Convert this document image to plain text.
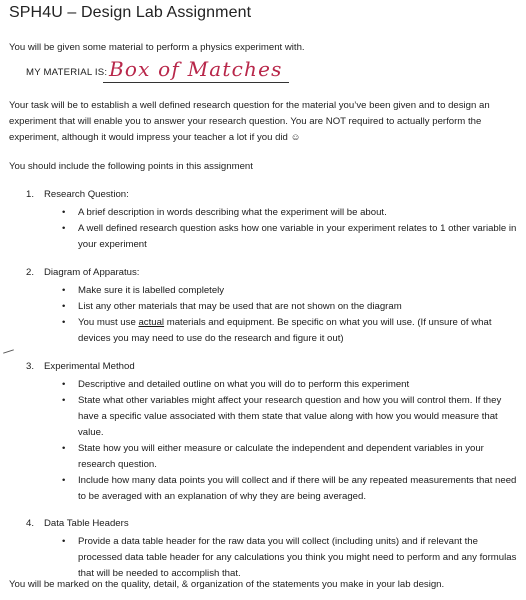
SPH4U – Design Lab Assignment
You will be given some material to perform a physics experiment with.
MY MATERIAL IS: Box of Matches
Your task will be to establish a well defined research question for the material you’ve been given and to design an experiment that will enable you to answer your research question. You are NOT required to actually perform the experiment, although it would impress your teacher a lot if you did ☺
You should include the following points in this assignment
1. Research Question:
• A brief description in words describing what the experiment will be about.
• A well defined research question asks how one variable in your experiment relates to 1 other variable in your experiment
2. Diagram of Apparatus:
• Make sure it is labelled completely
• List any other materials that may be used that are not shown on the diagram
• You must use actual materials and equipment. Be specific on what you will use. (If unsure of what devices you may need to use do the research and figure it out)
3. Experimental Method
• Descriptive and detailed outline on what you will do to perform this experiment
• State what other variables might affect your research question and how you will control them. If they have a specific value associated with them state that value along with how you would measure that value.
• State how you will either measure or calculate the independent and dependent variables in your research question.
• Include how many data points you will collect and if there will be any repeated measurements that need to be averaged with an explanation of why they are being averaged.
4. Data Table Headers
• Provide a data table header for the raw data you will collect (including units) and if relevant the processed data table header for any calculations you think you might need to perform and any formulas that will be needed to accomplish that.
You will be marked on the quality, detail, & organization of the statements you make in your lab design.
